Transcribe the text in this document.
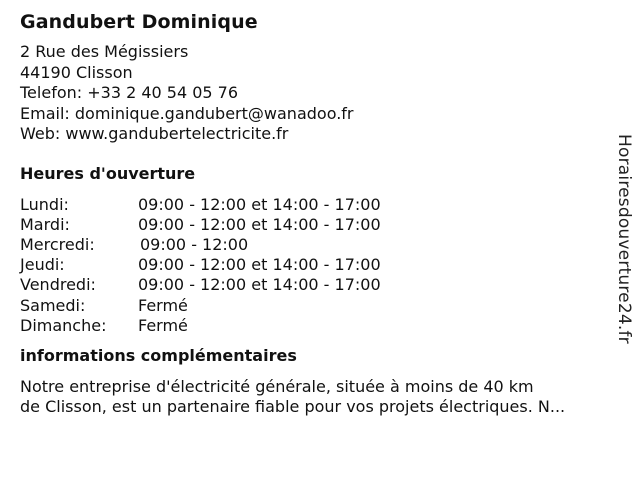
Gandubert Dominique
2 Rue des Mégissiers
44190 Clisson
Telefon: +33 2 40 54 05 76
Email: dominique.gandubert@wanadoo.fr
Web: www.gandubertelectricite.fr
Heures d'ouverture
Lundi:	09:00 - 12:00 et 14:00 - 17:00
Mardi:	09:00 - 12:00 et 14:00 - 17:00
Mercredi:	09:00 - 12:00
Jeudi:	09:00 - 12:00 et 14:00 - 17:00
Vendredi:	09:00 - 12:00 et 14:00 - 17:00
Samedi:	Fermé
Dimanche:	Fermé
informations complémentaires
Notre entreprise d'électricité générale, située à moins de 40 km
de Clisson, est un partenaire fiable pour vos projets électriques. N...
Horairesdouverture24.fr
